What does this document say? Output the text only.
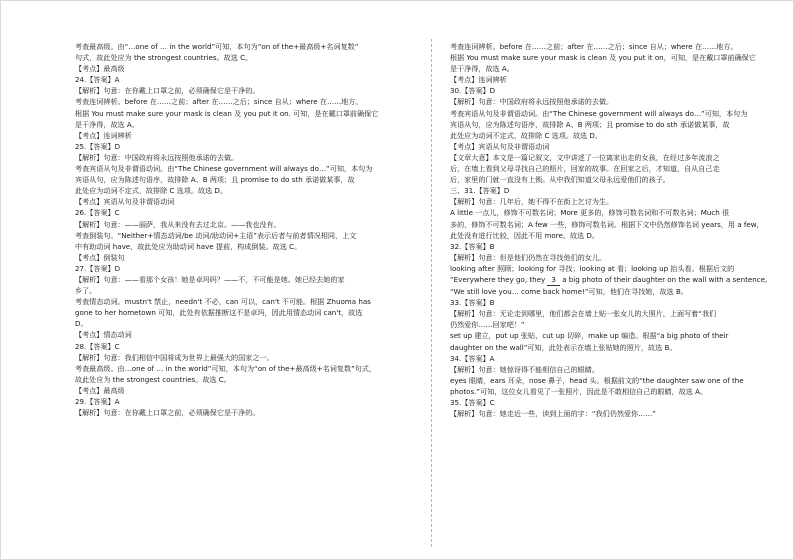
考查最高级。由“…one of … in the world”可知，本句为“on of the+最高级+名词复数”
句式，故此处应为 the strongest countries。故选 C。
【考点】最高级
24.【答案】A
【解析】句意：在你戴上口罩之前，必须确保它是干净的。
考查连词辨析。before 在……之前；after 在……之后；since 自从；where 在……地方。
根据 You must make sure your mask is clean 及 you put it on. 可知，是在戴口罩前确保它
是干净得，故选 A。
【考点】连词辨析
25.【答案】D
【解析】句意：中国政府将永远按照他承诺的去做。
考查宾语从句及非谓语动词。由“The Chinese government will always do…”可知，本句为
宾语从句，应为陈述句语序，故排除 A、B 两项；且 promise to do sth 承诺做某事，故
此处应为动词不定式，故排除 C 选项。故选 D。
【考点】宾语从句及非谓语动词
26.【答案】C
【解析】句意：——丽萨，我从来没有去过北京。——我也没有。
考查倒装句。“Neither+情态动词/be 动词/助动词+主语”表示后者与前者情况相同，上文
中有助动词 have，故此处应为助动词 have 提前，构成倒装。故选 C。
【考点】倒装句
27.【答案】D
【解析】句意：——看那个女孩！她是卓玛吗？——不，不可能是她。她已经去她的家
乡了。
考查情态动词。mustn't 禁止，needn't 不必，can 可以，can't 不可能。根据 Zhuoma has
gone to her hometown 可知，此处有依据推断这不是卓玛，因此用情态动词 can't，故选
D。
【考点】情态动词
28.【答案】C
【解析】句意：我们相信中国将成为世界上最强大的国家之一。
考查最高级。由…one of … in the world”可知，本句为“on of the+最高级+名词复数”句式，
故此处应为 the strongest countries。故选 C。
【考点】最高级
29.【答案】A
【解析】句意：在你戴上口罩之前，必须确保它是干净的。
考查连词辨析。before 在……之前；after 在……之后；since 自从；where 在……地方。
根据 You must make sure your mask is clean 及 you put it on，可知，是在戴口罩前确保它
是干净得，故选 A。
【考点】连词辨析
30.【答案】D
【解析】句意：中国政府将永远按照他承诺的去做。
考查宾语从句及非谓语动词。由“The Chinese government will always do…”可知，本句为
宾语从句，应为陈述句语序，故排除 A、B 两项；且 promise to do sth 承诺做某事，故
此处应为动词不定式，故排除 C 选项。故选 D。
【考点】宾语从句及非谓语动词
【文章大意】本文是一篇记叙文，文中讲述了一位离家出走的女孩，在经过多年流浪之
后，在墙上看到父母寻找自己的照片，回家的故事。在回家之后，才知道，自从自己走
后，家里的门就一直没有上锁。从中我们知道父母永远爱他们的孩子。
三、31.【答案】D
【解析】句意：几年后，她不得不在街上乞讨为生。
A little 一点儿，修饰不可数名词；More 更多的，修饰可数名词和不可数名词；Much 很
多的，修饰不可数名词；A few 一些，修饰可数名词。根据下文中仍然修饰名词 years，用 a few，
此处没有进行比较，因此不用 more。故选 D。
32.【答案】B
【解析】句意：但是他们仍然在寻找他们的女儿。
looking after 照顾；looking for 寻找；looking at 看；looking up 抬头看。根据后文的
“Everywhere they go, they 3 a big photo of their daughter on the wall with a sentence,
“We still love you… come back home!”可知，他们在寻找她，故选 B。
33.【答案】B
【解析】句意：无论走到哪里，他们都会在墙上贴一张女儿的大照片，上面写着“我们
仍然爱你……回家吧！”
set up 建立，put up 张贴，cut up 切碎，make up 编造。根据“a big photo of their
daughter on the wall”可知，此处表示在墙上张贴她的照片，故选 B。
34.【答案】A
【解析】句意：她惊讶得不能相信自己的眼睛。
eyes 眼睛，ears 耳朵，nose 鼻子，head 头。根据前文的“the daughter saw one of the
photos.”可知，这位女儿看见了一张照片，因此是不敢相信自己的眼睛，故选 A。
35.【答案】C
【解析】句意：她走近一些，读到上面的字：“我们仍然爱你……”
